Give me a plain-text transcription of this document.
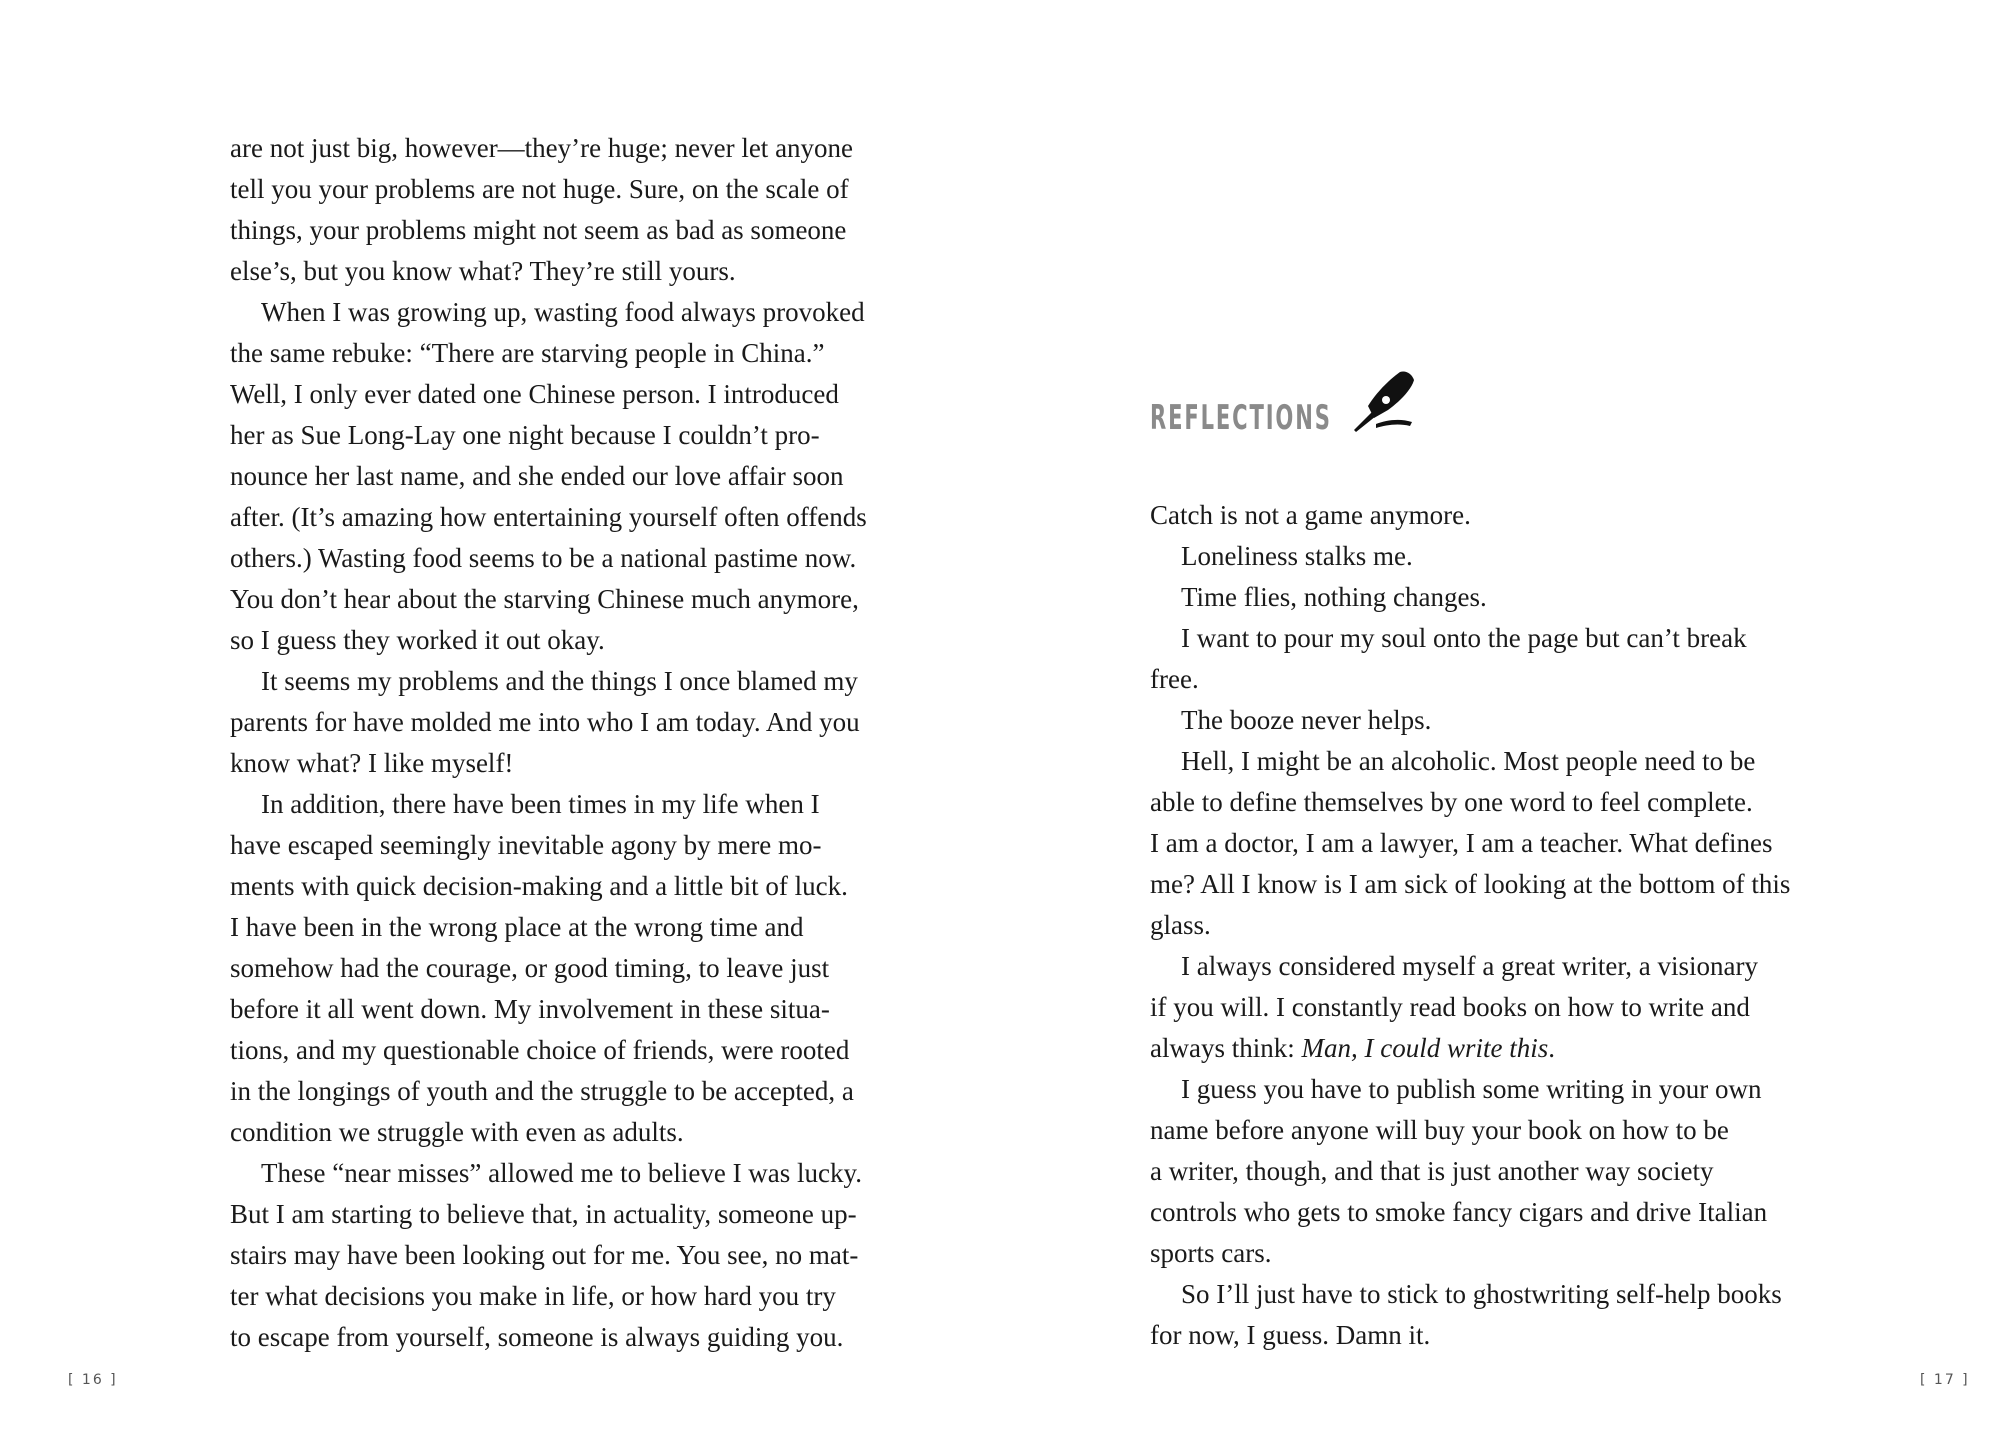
are not just big, however—they’re huge; never let anyone
tell you your problems are not huge. Sure, on the scale of
things, your problems might not seem as bad as someone
else’s, but you know what? They’re still yours.
When I was growing up, wasting food always provoked
the same rebuke: “There are starving people in China.”
Well, I only ever dated one Chinese person. I introduced
her as Sue Long-Lay one night because I couldn’t pro-
nounce her last name, and she ended our love affair soon
after. (It’s amazing how entertaining yourself often offends
others.) Wasting food seems to be a national pastime now.
You don’t hear about the starving Chinese much anymore,
so I guess they worked it out okay.
It seems my problems and the things I once blamed my
parents for have molded me into who I am today. And you
know what? I like myself!
In addition, there have been times in my life when I
have escaped seemingly inevitable agony by mere mo-
ments with quick decision-making and a little bit of luck.
I have been in the wrong place at the wrong time and
somehow had the courage, or good timing, to leave just
before it all went down. My involvement in these situa-
tions, and my questionable choice of friends, were rooted
in the longings of youth and the struggle to be accepted, a
condition we struggle with even as adults.
These “near misses” allowed me to believe I was lucky.
But I am starting to believe that, in actuality, someone up-
stairs may have been looking out for me. You see, no mat-
ter what decisions you make in life, or how hard you try
to escape from yourself, someone is always guiding you.
[ 16 ]
REFLECTIONS
Catch is not a game anymore.
Loneliness stalks me.
Time flies, nothing changes.
I want to pour my soul onto the page but can’t break
free.
The booze never helps.
Hell, I might be an alcoholic. Most people need to be
able to define themselves by one word to feel complete.
I am a doctor, I am a lawyer, I am a teacher. What defines
me? All I know is I am sick of looking at the bottom of this
glass.
I always considered myself a great writer, a visionary
if you will. I constantly read books on how to write and
always think: Man, I could write this.
I guess you have to publish some writing in your own
name before anyone will buy your book on how to be
a writer, though, and that is just another way society
controls who gets to smoke fancy cigars and drive Italian
sports cars.
So I’ll just have to stick to ghostwriting self-help books
for now, I guess. Damn it.
[ 17 ]
